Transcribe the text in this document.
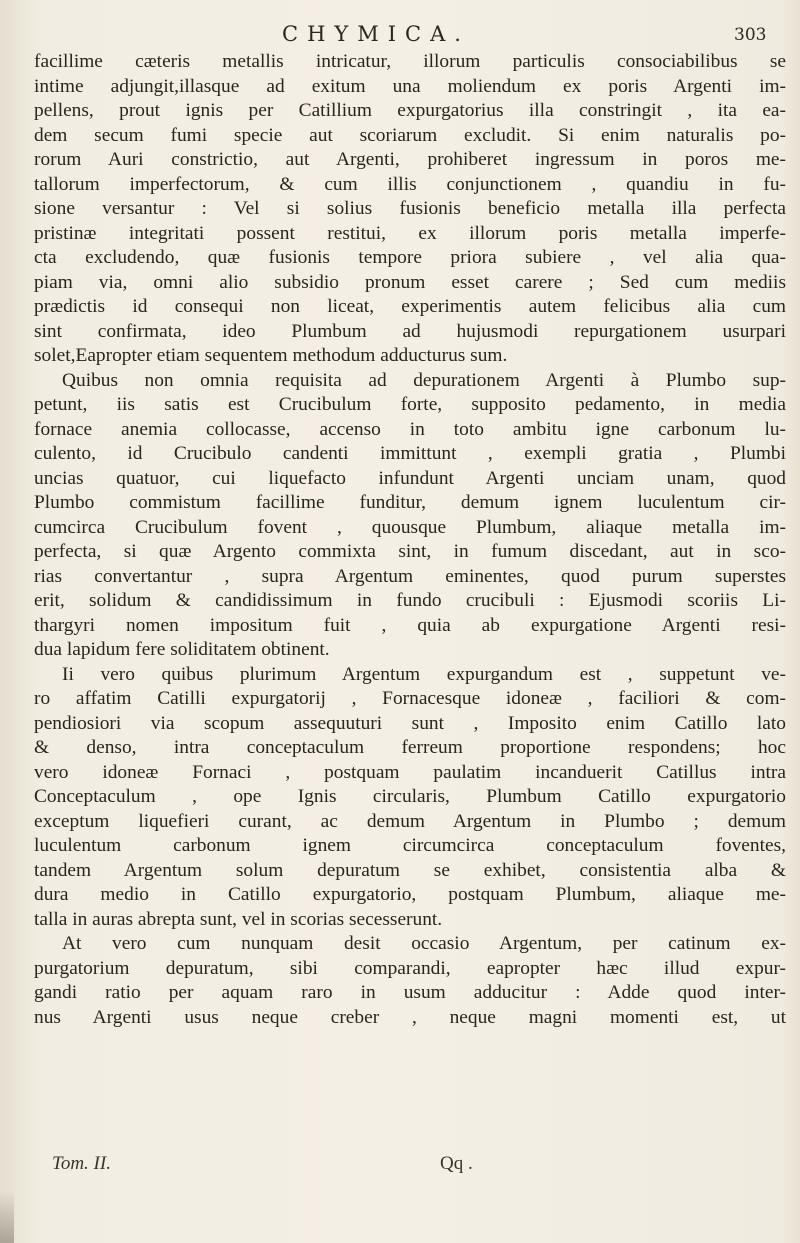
CHYMICA.	303
facillime cæteris metallis intricatur, illorum particulis consociabilibus se
intime adjungit,illasque ad exitum una moliendum ex poris Argenti im-
pellens, prout ignis per Catillium expurgatorius illa constringit , ita ea-
dem secum fumi specie aut scoriarum excludit. Si enim naturalis po-
rorum Auri constrictio, aut Argenti, prohiberet ingressum in poros me-
tallorum imperfectorum, & cum illis conjunctionem , quandiu in fu-
sione versantur : Vel si solius fusionis beneficio metalla illa perfecta
pristinæ integritati possent restitui, ex illorum poris metalla imperfe-
cta excludendo, quæ fusionis tempore priora subiere , vel alia qua-
piam via, omni alio subsidio pronum esset carere ; Sed cum mediis
prædictis id consequi non liceat, experimentis autem felicibus alia cum
sint confirmata, ideo Plumbum ad hujusmodi repurgationem usurpari
solet,Eapropter etiam sequentem methodum adducturus sum.
Quibus non omnia requisita ad depurationem Argenti à Plumbo sup-
petunt, iis satis est Crucibulum forte, supposito pedamento, in media
fornace anemia collocasse, accenso in toto ambitu igne carbonum lu-
culento, id Crucibulo candenti immittunt , exempli gratia , Plumbi
uncias quatuor, cui liquefacto infundunt Argenti unciam unam, quod
Plumbo commistum facillime funditur, demum ignem luculentum cir-
cumcirca Crucibulum fovent , quousque Plumbum, aliaque metalla im-
perfecta, si quæ Argento commixta sint, in fumum discedant, aut in sco-
rias convertantur , supra Argentum eminentes, quod purum superstes
erit, solidum & candidissimum in fundo crucibuli : Ejusmodi scoriis Li-
thargyri nomen impositum fuit , quia ab expurgatione Argenti resi-
dua lapidum fere soliditatem obtinent.
Ii vero quibus plurimum Argentum expurgandum est , suppetunt ve-
ro affatim Catilli expurgatorij , Fornacesque idoneæ , faciliori & com-
pendiosiori via scopum assequuturi sunt , Imposito enim Catillo lato
& denso, intra conceptaculum ferreum proportione respondens; hoc
vero idoneæ Fornaci , postquam paulatim incanduerit Catillus intra
Conceptaculum , ope Ignis circularis, Plumbum Catillo expurgatorio
exceptum liquefieri curant, ac demum Argentum in Plumbo ; demum
luculentum carbonum ignem circumcirca conceptaculum foventes,
tandem Argentum solum depuratum se exhibet, consistentia alba &
dura medio in Catillo expurgatorio, postquam Plumbum, aliaque me-
talla in auras abrepta sunt, vel in scorias secesserunt.
At vero cum nunquam desit occasio Argentum, per catinum ex-
purgatorium depuratum, sibi comparandi, eapropter hæc illud expur-
gandi ratio per aquam raro in usum adducitur : Adde quod inter-
nus Argenti usus neque creber , neque magni momenti est, ut
Tom. II.	Qq .
